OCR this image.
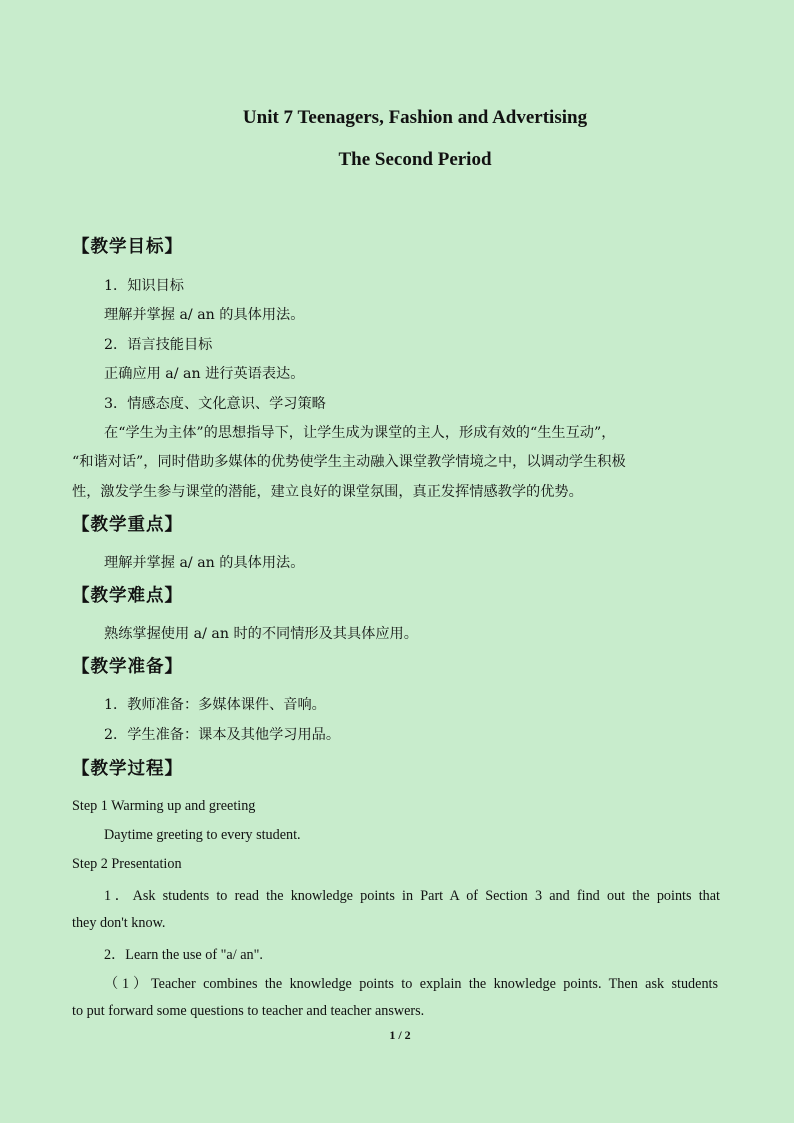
Unit 7 Teenagers, Fashion and Advertising
The Second Period
【教学目标】
1．知识目标
理解并掌握 a/ an 的具体用法。
2．语言技能目标
正确应用 a/ an 进行英语表达。
3．情感态度、文化意识、学习策略
在“学生为主体”的思想指导下，让学生成为课堂的主人，形成有效的“生生互动”，
“和谐对话”，同时借助多媒体的优势使学生主动融入课堂教学情境之中，以调动学生积极
性，激发学生参与课堂的潜能，建立良好的课堂氛围，真正发挥情感教学的优势。
【教学重点】
理解并掌握 a/ an 的具体用法。
【教学难点】
熟练掌握使用 a/ an 时的不同情形及其具体应用。
【教学准备】
1．教师准备：多媒体课件、音响。
2．学生准备：课本及其他学习用品。
【教学过程】
Step 1 Warming up and greeting
Daytime greeting to every student.
Step 2 Presentation
1．Ask students to read the knowledge points in Part A of Section 3 and find out the points that
they don't know.
2．Learn the use of "a/ an".
（1）Teacher combines the knowledge points to explain the knowledge points. Then ask students
to put forward some questions to teacher and teacher answers.
1 / 2
